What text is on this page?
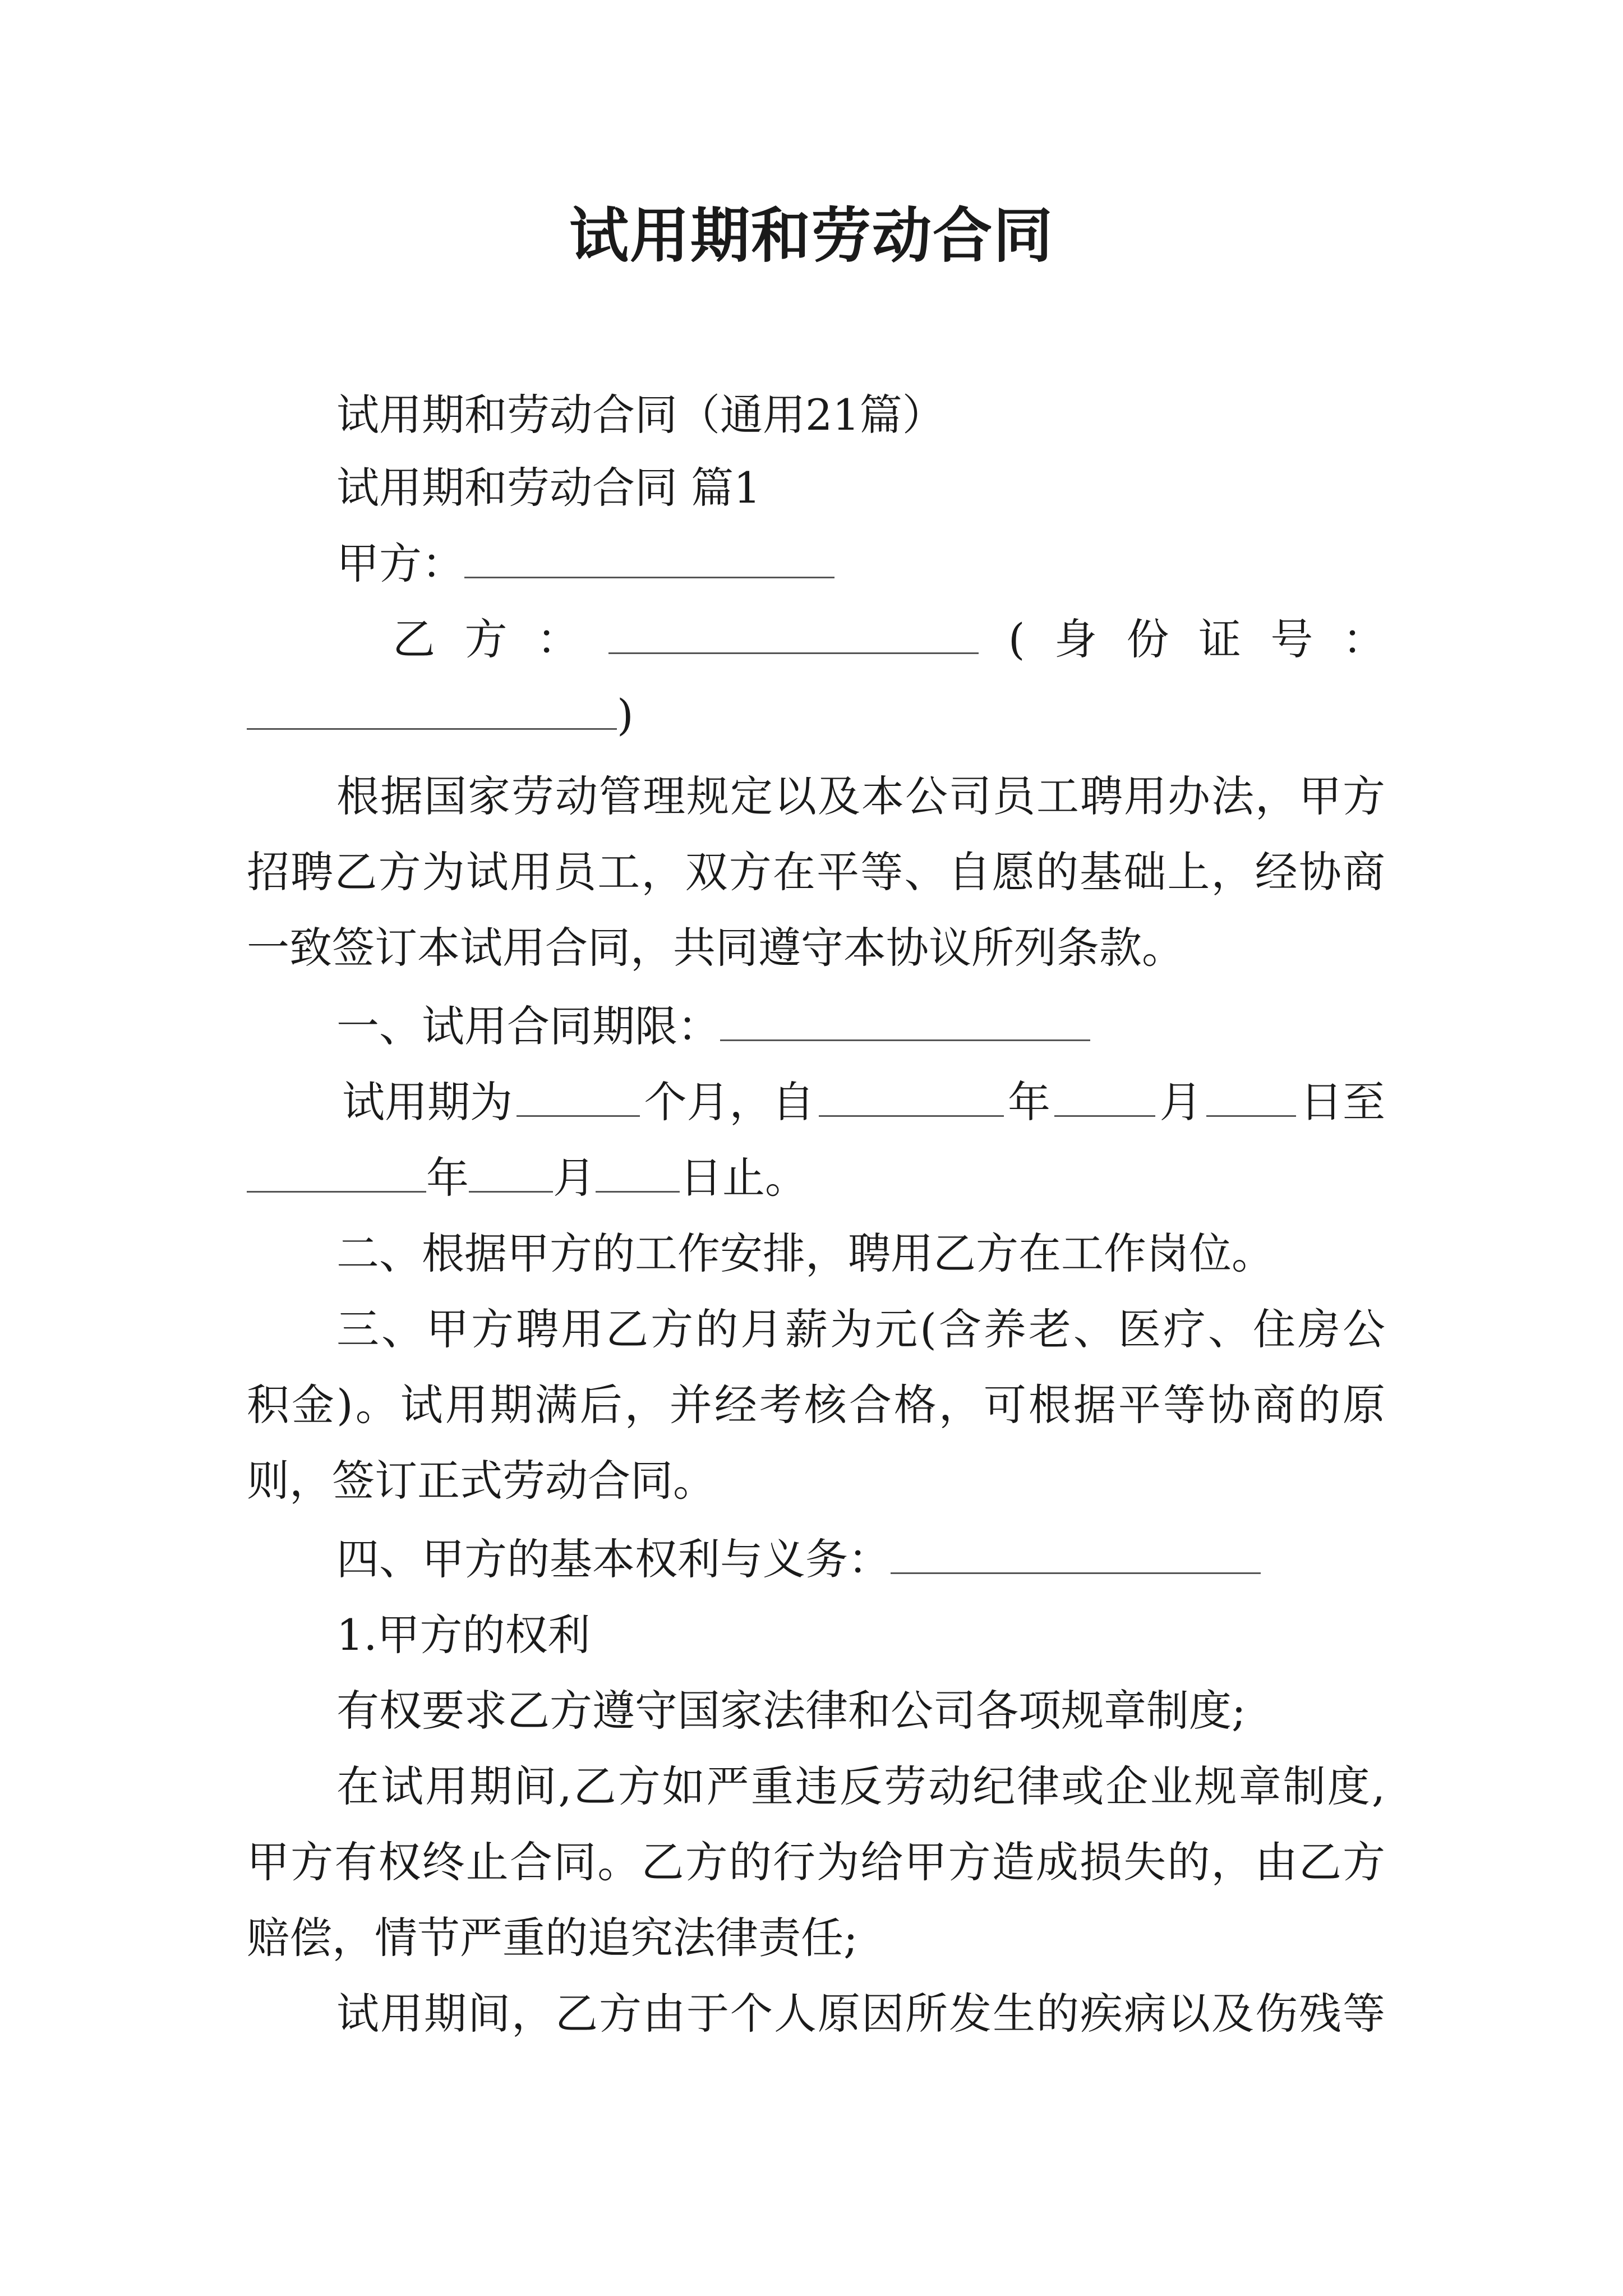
试用期和劳动合同
试用期和劳动合同（通用21篇）
试用期和劳动合同 篇1
甲方：
乙 方 ：	( 身 份 证 号 ：
)
根据国家劳动管理规定以及本公司员工聘用办法，甲方
招聘乙方为试用员工，双方在平等、自愿的基础上，经协商
一致签订本试用合同，共同遵守本协议所列条款。
一、试用合同期限：
试用期为	个月，自	年	月 日至
年 月 日止。
二、根据甲方的工作安排，聘用乙方在工作岗位。
三、甲方聘用乙方的月薪为元(含养老、医疗、住房公
积金)。试用期满后，并经考核合格，可根据平等协商的原
则，签订正式劳动合同。
四、甲方的基本权利与义务：
1.甲方的权利
有权要求乙方遵守国家法律和公司各项规章制度;
在试用期间,乙方如严重违反劳动纪律或企业规章制度,
甲方有权终止合同。乙方的行为给甲方造成损失的，由乙方
赔偿，情节严重的追究法律责任;
试用期间，乙方由于个人原因所发生的疾病以及伤残等
